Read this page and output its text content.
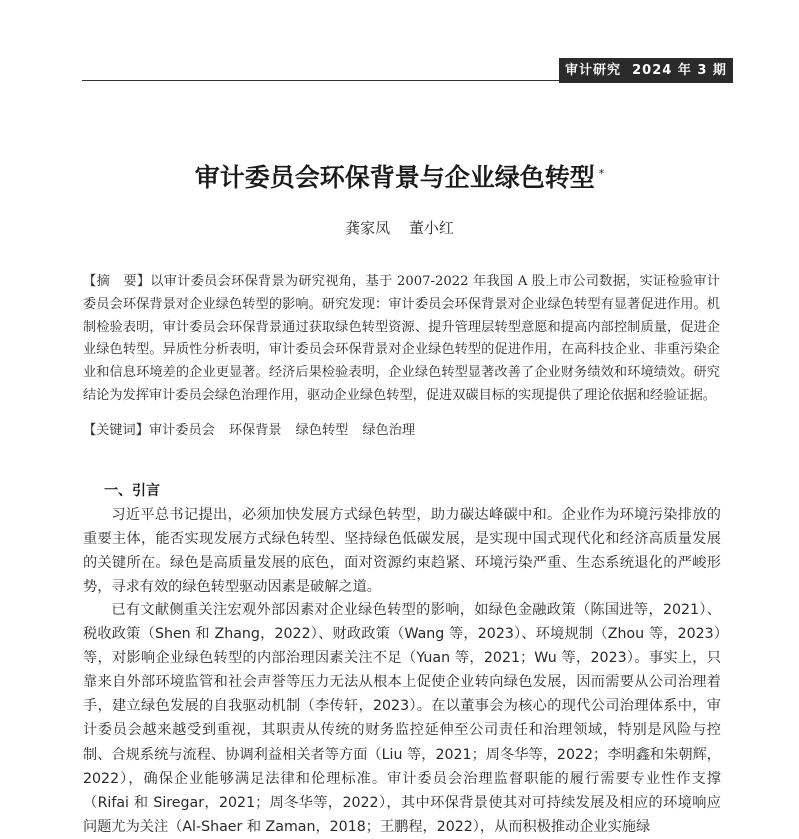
审计研究 2024 年 3 期
审计委员会环保背景与企业绿色转型 *
龚家凤 董小红
【摘　要】以审计委员会环保背景为研究视角，基于 2007-2022 年我国 A 股上市公司数据，实证检验审计委员会环保背景对企业绿色转型的影响。研究发现：审计委员会环保背景对企业绿色转型有显著促进作用。机制检验表明，审计委员会环保背景通过获取绿色转型资源、提升管理层转型意愿和提高内部控制质量，促进企业绿色转型。异质性分析表明，审计委员会环保背景对企业绿色转型的促进作用，在高科技企业、非重污染企业和信息环境差的企业更显著。经济后果检验表明，企业绿色转型显著改善了企业财务绩效和环境绩效。研究结论为发挥审计委员会绿色治理作用，驱动企业绿色转型，促进双碳目标的实现提供了理论依据和经验证据。
【关键词】审计委员会 环保背景 绿色转型 绿色治理
一、引言
习近平总书记提出，必须加快发展方式绿色转型，助力碳达峰碳中和。企业作为环境污染排放的重要主体，能否实现发展方式绿色转型、坚持绿色低碳发展，是实现中国式现代化和经济高质量发展的关键所在。绿色是高质量发展的底色，面对资源约束趋紧、环境污染严重、生态系统退化的严峻形势，寻求有效的绿色转型驱动因素是破解之道。
已有文献侧重关注宏观外部因素对企业绿色转型的影响，如绿色金融政策（陈国进等，2021）、税收政策（Shen 和 Zhang，2022）、财政政策（Wang 等，2023）、环境规制（Zhou 等，2023）等，对影响企业绿色转型的内部治理因素关注不足（Yuan 等，2021；Wu 等，2023）。事实上，只靠来自外部环境监管和社会声誉等压力无法从根本上促使企业转向绿色发展，因而需要从公司治理着手，建立绿色发展的自我驱动机制（李传轩，2023）。在以董事会为核心的现代公司治理体系中，审计委员会越来越受到重视，其职责从传统的财务监控延伸至公司责任和治理领域，特别是风险与控制、合规系统与流程、协调利益相关者等方面（Liu 等，2021；周冬华等，2022；李明鑫和朱朝辉，2022），确保企业能够满足法律和伦理标准。审计委员会治理监督职能的履行需要专业性作支撑（Rifai 和 Siregar，2021；周冬华等，2022），其中环保背景使其对可持续发展及相应的环境响应问题尤为关注（Al-Shaer 和 Zaman，2018；王鹏程，2022），从而积极推动企业实施绿
